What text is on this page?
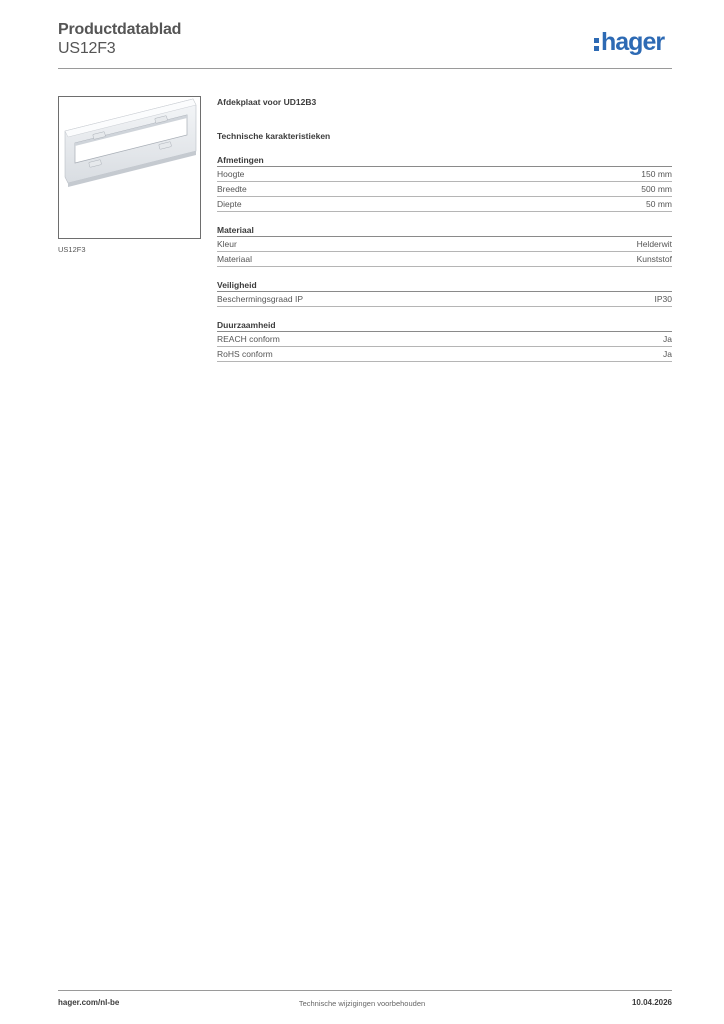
Productdatablad
US12F3	hager
US12F3
Afdekplaat voor UD12B3
Technische karakteristieken
Afmetingen
Hoogte	150 mm
Breedte	500 mm
Diepte	50 mm
Materiaal
Kleur	Helderwit
Materiaal	Kunststof
Veiligheid
Beschermingsgraad IP	IP30
Duurzaamheid
REACH conform	Ja
RoHS conform	Ja
hager.com/nl-be	Technische wijzigingen voorbehouden	10.04.2026
